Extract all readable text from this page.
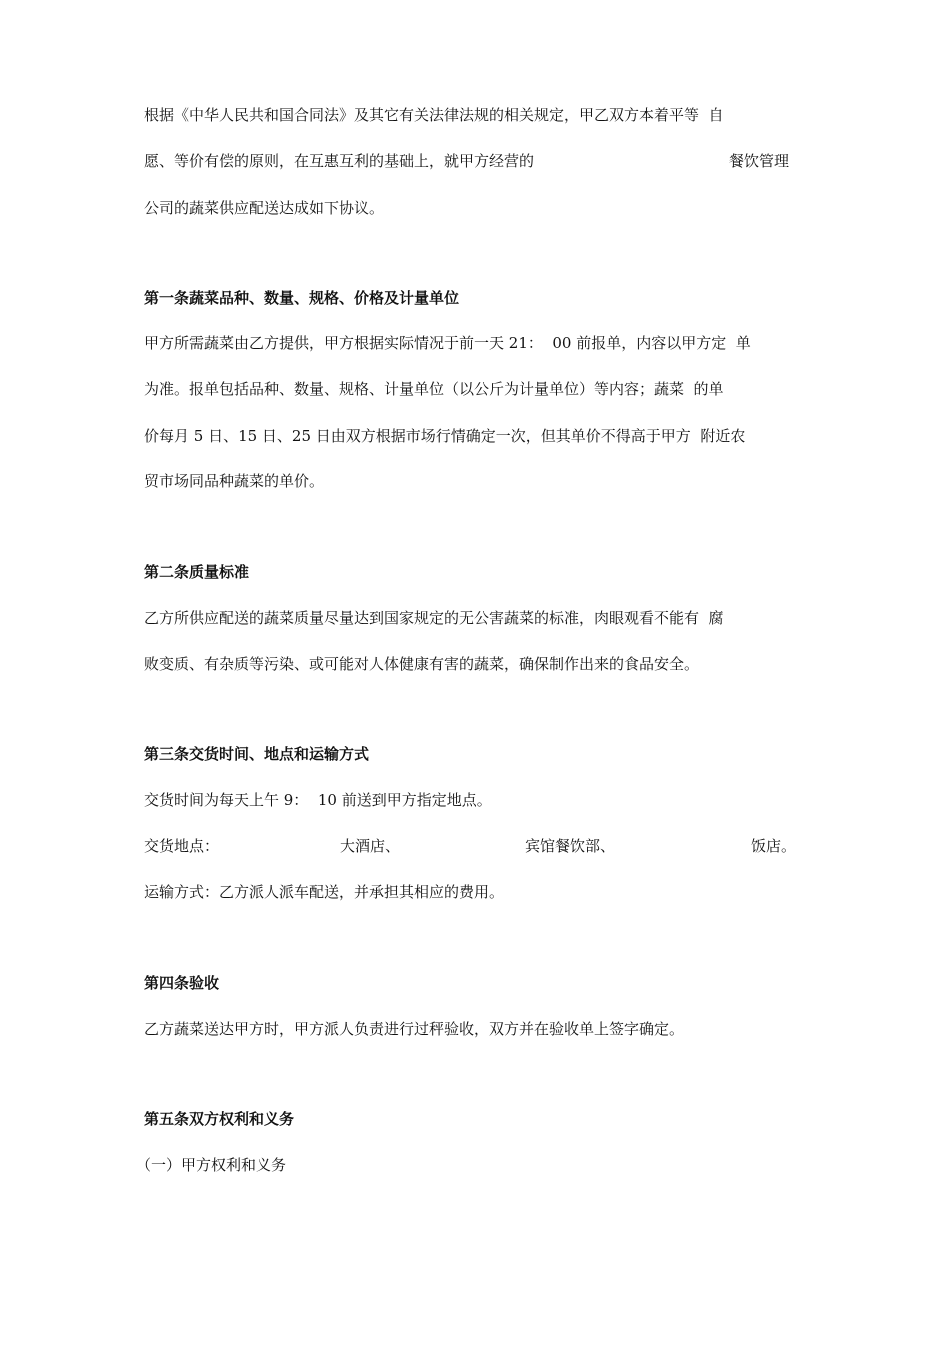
根据《中华人民共和国合同法》及其它有关法律法规的相关规定，甲乙双方本着平等  自
愿、等价有偿的原则，在互惠互利的基础上，就甲方经营的	餐饮管理
公司的蔬菜供应配送达成如下协议。
第一条蔬菜品种、数量、规格、价格及计量单位
甲方所需蔬菜由乙方提供，甲方根据实际情况于前一天 21：  00 前报单，内容以甲方定  单
为准。报单包括品种、数量、规格、计量单位（以公斤为计量单位）等内容；蔬菜  的单
价每月 5 日、15 日、25 日由双方根据市场行情确定一次，但其单价不得高于甲方  附近农
贸市场同品种蔬菜的单价。
第二条质量标准
乙方所供应配送的蔬菜质量尽量达到国家规定的无公害蔬菜的标准，肉眼观看不能有  腐
败变质、有杂质等污染、或可能对人体健康有害的蔬菜，确保制作出来的食品安全。
第三条交货时间、地点和运输方式
交货时间为每天上午 9：  10 前送到甲方指定地点。
交货地点：	大酒店、	宾馆餐饮部、	饭店。
运输方式：乙方派人派车配送，并承担其相应的费用。
第四条验收
乙方蔬菜送达甲方时，甲方派人负责进行过秤验收，双方并在验收单上签字确定。
第五条双方权利和义务
（一）甲方权利和义务
